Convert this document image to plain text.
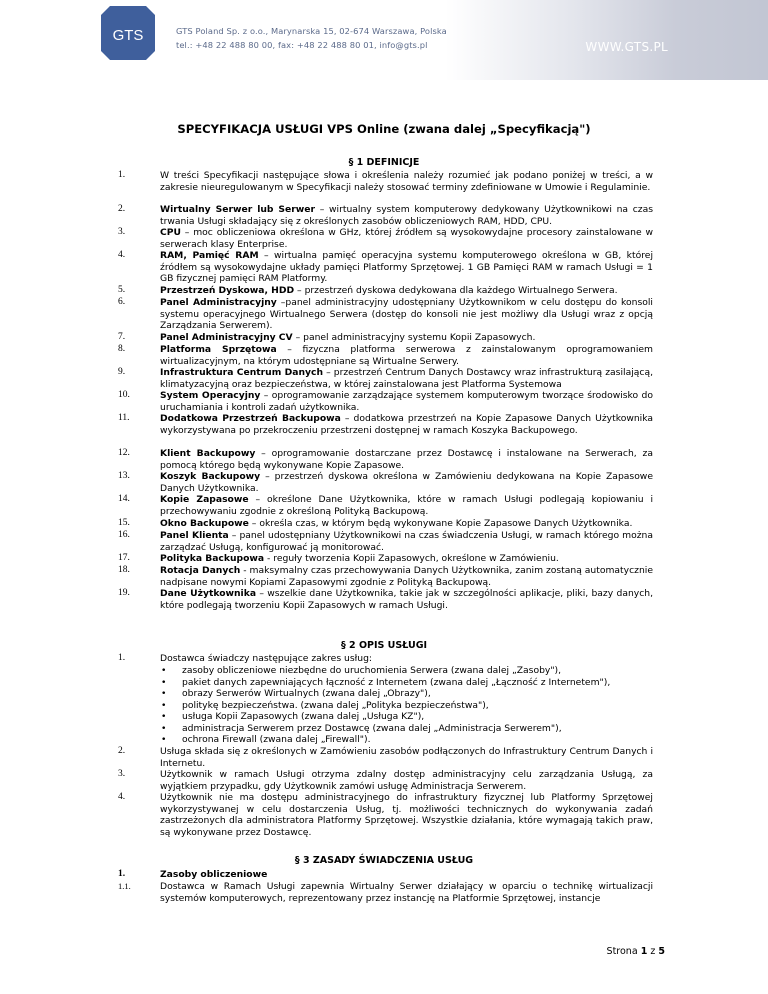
GTS	GTS Poland Sp. z o.o., Marynarska 15, 02-674 Warszawa, Polska
tel.: +48 22 488 80 00, fax: +48 22 488 80 01, info@gts.pl	WWW.GTS.PL
SPECYFIKACJA USŁUGI VPS Online (zwana dalej „Specyfikacją")
§ 1 DEFINICJE
1.	W treści Specyfikacji następujące słowa i określenia należy rozumieć jak podano poniżej w treści, a w zakresie nieuregulowanym w Specyfikacji należy stosować terminy zdefiniowane w Umowie i Regulaminie.
2.	Wirtualny Serwer lub Serwer – wirtualny system komputerowy dedykowany Użytkownikowi na czas trwania Usługi składający się z określonych zasobów obliczeniowych RAM, HDD, CPU.
3.	CPU – moc obliczeniowa określona w GHz, której źródłem są wysokowydajne procesory zainstalowane w serwerach klasy Enterprise.
4.	RAM, Pamięć RAM – wirtualna pamięć operacyjna systemu komputerowego określona w GB, której źródłem są wysokowydajne układy pamięci Platformy Sprzętowej. 1 GB Pamięci RAM w ramach Usługi = 1 GB fizycznej pamięci RAM Platformy.
5.	Przestrzeń Dyskowa, HDD – przestrzeń dyskowa dedykowana dla każdego Wirtualnego Serwera.
6.	Panel Administracyjny –panel administracyjny udostępniany Użytkownikom w celu dostępu do konsoli systemu operacyjnego Wirtualnego Serwera (dostęp do konsoli nie jest możliwy dla Usługi wraz z opcją Zarządzania Serwerem).
7.	Panel Administracyjny CV – panel administracyjny systemu Kopii Zapasowych.
8.	Platforma Sprzętowa – fizyczna platforma serwerowa z zainstalowanym oprogramowaniem wirtualizacyjnym, na którym udostępniane są Wirtualne Serwery.
9.	Infrastruktura Centrum Danych – przestrzeń Centrum Danych Dostawcy wraz infrastrukturą zasilającą, klimatyzacyjną oraz bezpieczeństwa, w której zainstalowana jest Platforma Systemowa
10.	System Operacyjny – oprogramowanie zarządzające systemem komputerowym tworzące środowisko do uruchamiania i kontroli zadań użytkownika.
11.	Dodatkowa Przestrzeń Backupowa – dodatkowa przestrzeń na Kopie Zapasowe Danych Użytkownika wykorzystywana po przekroczeniu przestrzeni dostępnej w ramach Koszyka Backupowego.
12.	Klient Backupowy – oprogramowanie dostarczane przez Dostawcę i instalowane na Serwerach, za pomocą którego będą wykonywane Kopie Zapasowe.
13.	Koszyk Backupowy – przestrzeń dyskowa określona w Zamówieniu dedykowana na Kopie Zapasowe Danych Użytkownika.
14.	Kopie Zapasowe – określone Dane Użytkownika, które w ramach Usługi podlegają kopiowaniu i przechowywaniu zgodnie z określoną Polityką Backupową.
15.	Okno Backupowe – określa czas, w którym będą wykonywane Kopie Zapasowe Danych Użytkownika.
16.	Panel Klienta – panel udostępniany Użytkownikowi na czas świadczenia Usługi, w ramach którego można zarządzać Usługą, konfigurować ją monitorować.
17.	Polityka Backupowa - reguły tworzenia Kopii Zapasowych, określone w Zamówieniu.
18.	Rotacja Danych - maksymalny czas przechowywania Danych Użytkownika, zanim zostaną automatycznie nadpisane nowymi Kopiami Zapasowymi zgodnie z Polityką Backupową.
19.	Dane Użytkownika – wszelkie dane Użytkownika, takie jak w szczególności aplikacje, pliki, bazy danych, które podlegają tworzeniu Kopii Zapasowych w ramach Usługi.
§ 2 OPIS USŁUGI
1.	Dostawca świadczy następujące zakres usług:
• zasoby obliczeniowe niezbędne do uruchomienia Serwera (zwana dalej „Zasoby"),
• pakiet danych zapewniających łączność z Internetem (zwana dalej „Łączność z Internetem"),
• obrazy Serwerów Wirtualnych (zwana dalej „Obrazy"),
• politykę bezpieczeństwa. (zwana dalej „Polityka bezpieczeństwa"),
• usługa Kopii Zapasowych (zwana dalej „Usługa KZ"),
• administracja Serwerem przez Dostawcę (zwana dalej „Administracja Serwerem"),
• ochrona Firewall (zwana dalej „Firewall").
2.	Usługa składa się z określonych w Zamówieniu zasobów podłączonych do Infrastruktury Centrum Danych i Internetu.
3.	Użytkownik w ramach Usługi otrzyma zdalny dostęp administracyjny celu zarządzania Usługą, za wyjątkiem przypadku, gdy Użytkownik zamówi usługę Administracja Serwerem.
4.	Użytkownik nie ma dostępu administracyjnego do infrastruktury fizycznej lub Platformy Sprzętowej wykorzystywanej w celu dostarczenia Usług, tj. możliwości technicznych do wykonywania zadań zastrzeżonych dla administratora Platformy Sprzętowej. Wszystkie działania, które wymagają takich praw, są wykonywane przez Dostawcę.
§ 3 ZASADY ŚWIADCZENIA USŁUG
1.	Zasoby obliczeniowe
1.1.	Dostawca w Ramach Usługi zapewnia Wirtualny Serwer działający w oparciu o technikę wirtualizacji systemów komputerowych, reprezentowany przez instancję na Platformie Sprzętowej, instancje
Strona 1 z 5
